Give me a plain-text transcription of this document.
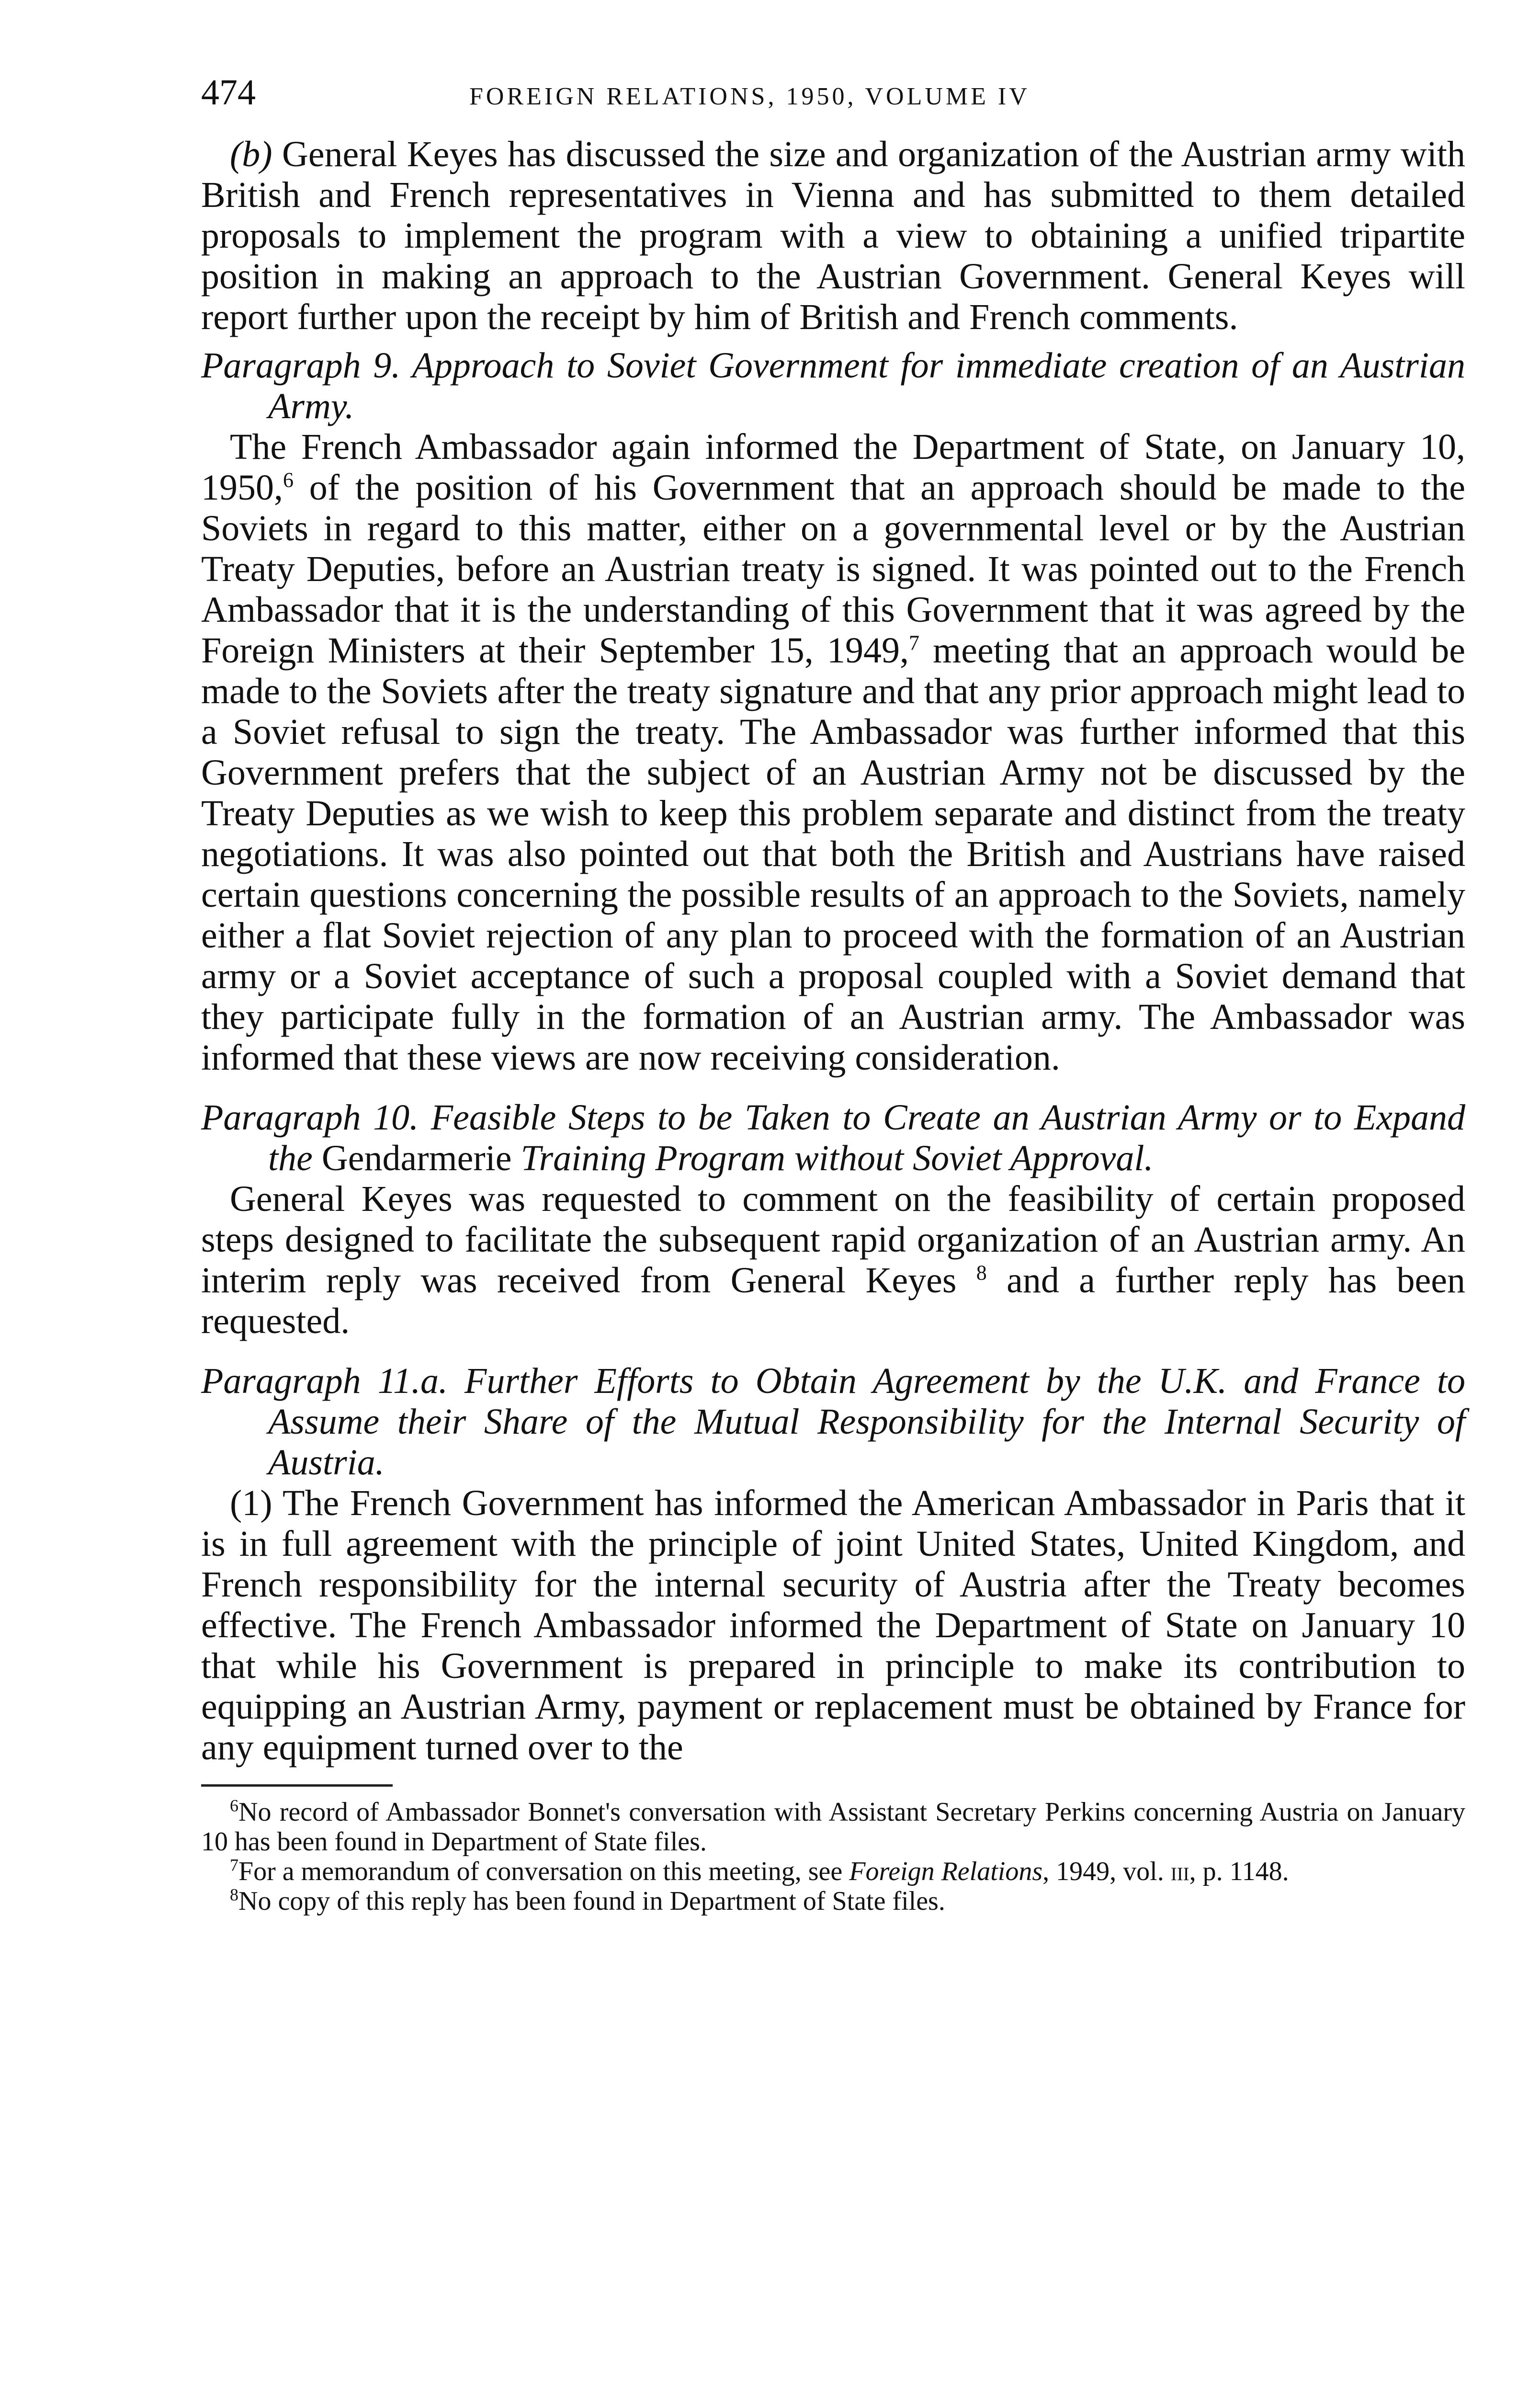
474	FOREIGN RELATIONS, 1950, VOLUME IV

(b) General Keyes has discussed the size and organization of the Austrian army with British and French representatives in Vienna and has submitted to them detailed proposals to implement the program with a view to obtaining a unified tripartite position in making an approach to the Austrian Government. General Keyes will report further upon the receipt by him of British and French comments.

Paragraph 9. Approach to Soviet Government for immediate creation of an Austrian Army.

The French Ambassador again informed the Department of State, on January 10, 1950,$^6$ of the position of his Government that an approach should be made to the Soviets in regard to this matter, either on a governmental level or by the Austrian Treaty Deputies, before an Austrian treaty is signed. It was pointed out to the French Ambassador that it is the understanding of this Government that it was agreed by the Foreign Ministers at their September 15, 1949,$^7$ meeting that an approach would be made to the Soviets after the treaty signature and that any prior approach might lead to a Soviet refusal to sign the treaty. The Ambassador was further informed that this Government prefers that the subject of an Austrian Army not be discussed by the Treaty Deputies as we wish to keep this problem separate and distinct from the treaty negotiations. It was also pointed out that both the British and Austrians have raised certain questions concerning the possible results of an approach to the Soviets, namely either a flat Soviet rejection of any plan to proceed with the formation of an Austrian army or a Soviet acceptance of such a proposal coupled with a Soviet demand that they participate fully in the formation of an Austrian army. The Ambassador was informed that these views are now receiving consideration.

Paragraph 10. Feasible Steps to be Taken to Create an Austrian Army or to Expand the Gendarmerie Training Program without Soviet Approval.

General Keyes was requested to comment on the feasibility of certain proposed steps designed to facilitate the subsequent rapid organization of an Austrian army. An interim reply was received from General Keyes $^8$ and a further reply has been requested.

Paragraph 11.a. Further Efforts to Obtain Agreement by the U.K. and France to Assume their Share of the Mutual Responsibility for the Internal Security of Austria.

(1) The French Government has informed the American Ambassador in Paris that it is in full agreement with the principle of joint United States, United Kingdom, and French responsibility for the internal security of Austria after the Treaty becomes effective. The French Ambassador informed the Department of State on January 10 that while his Government is prepared in principle to make its contribution to equipping an Austrian Army, payment or replacement must be obtained by France for any equipment turned over to the

$^6$No record of Ambassador Bonnet's conversation with Assistant Secretary Perkins concerning Austria on January 10 has been found in Department of State files.

$^7$For a memorandum of conversation on this meeting, see Foreign Relations, 1949, vol. iii, p. 1148.

$^8$No copy of this reply has been found in Department of State files.
